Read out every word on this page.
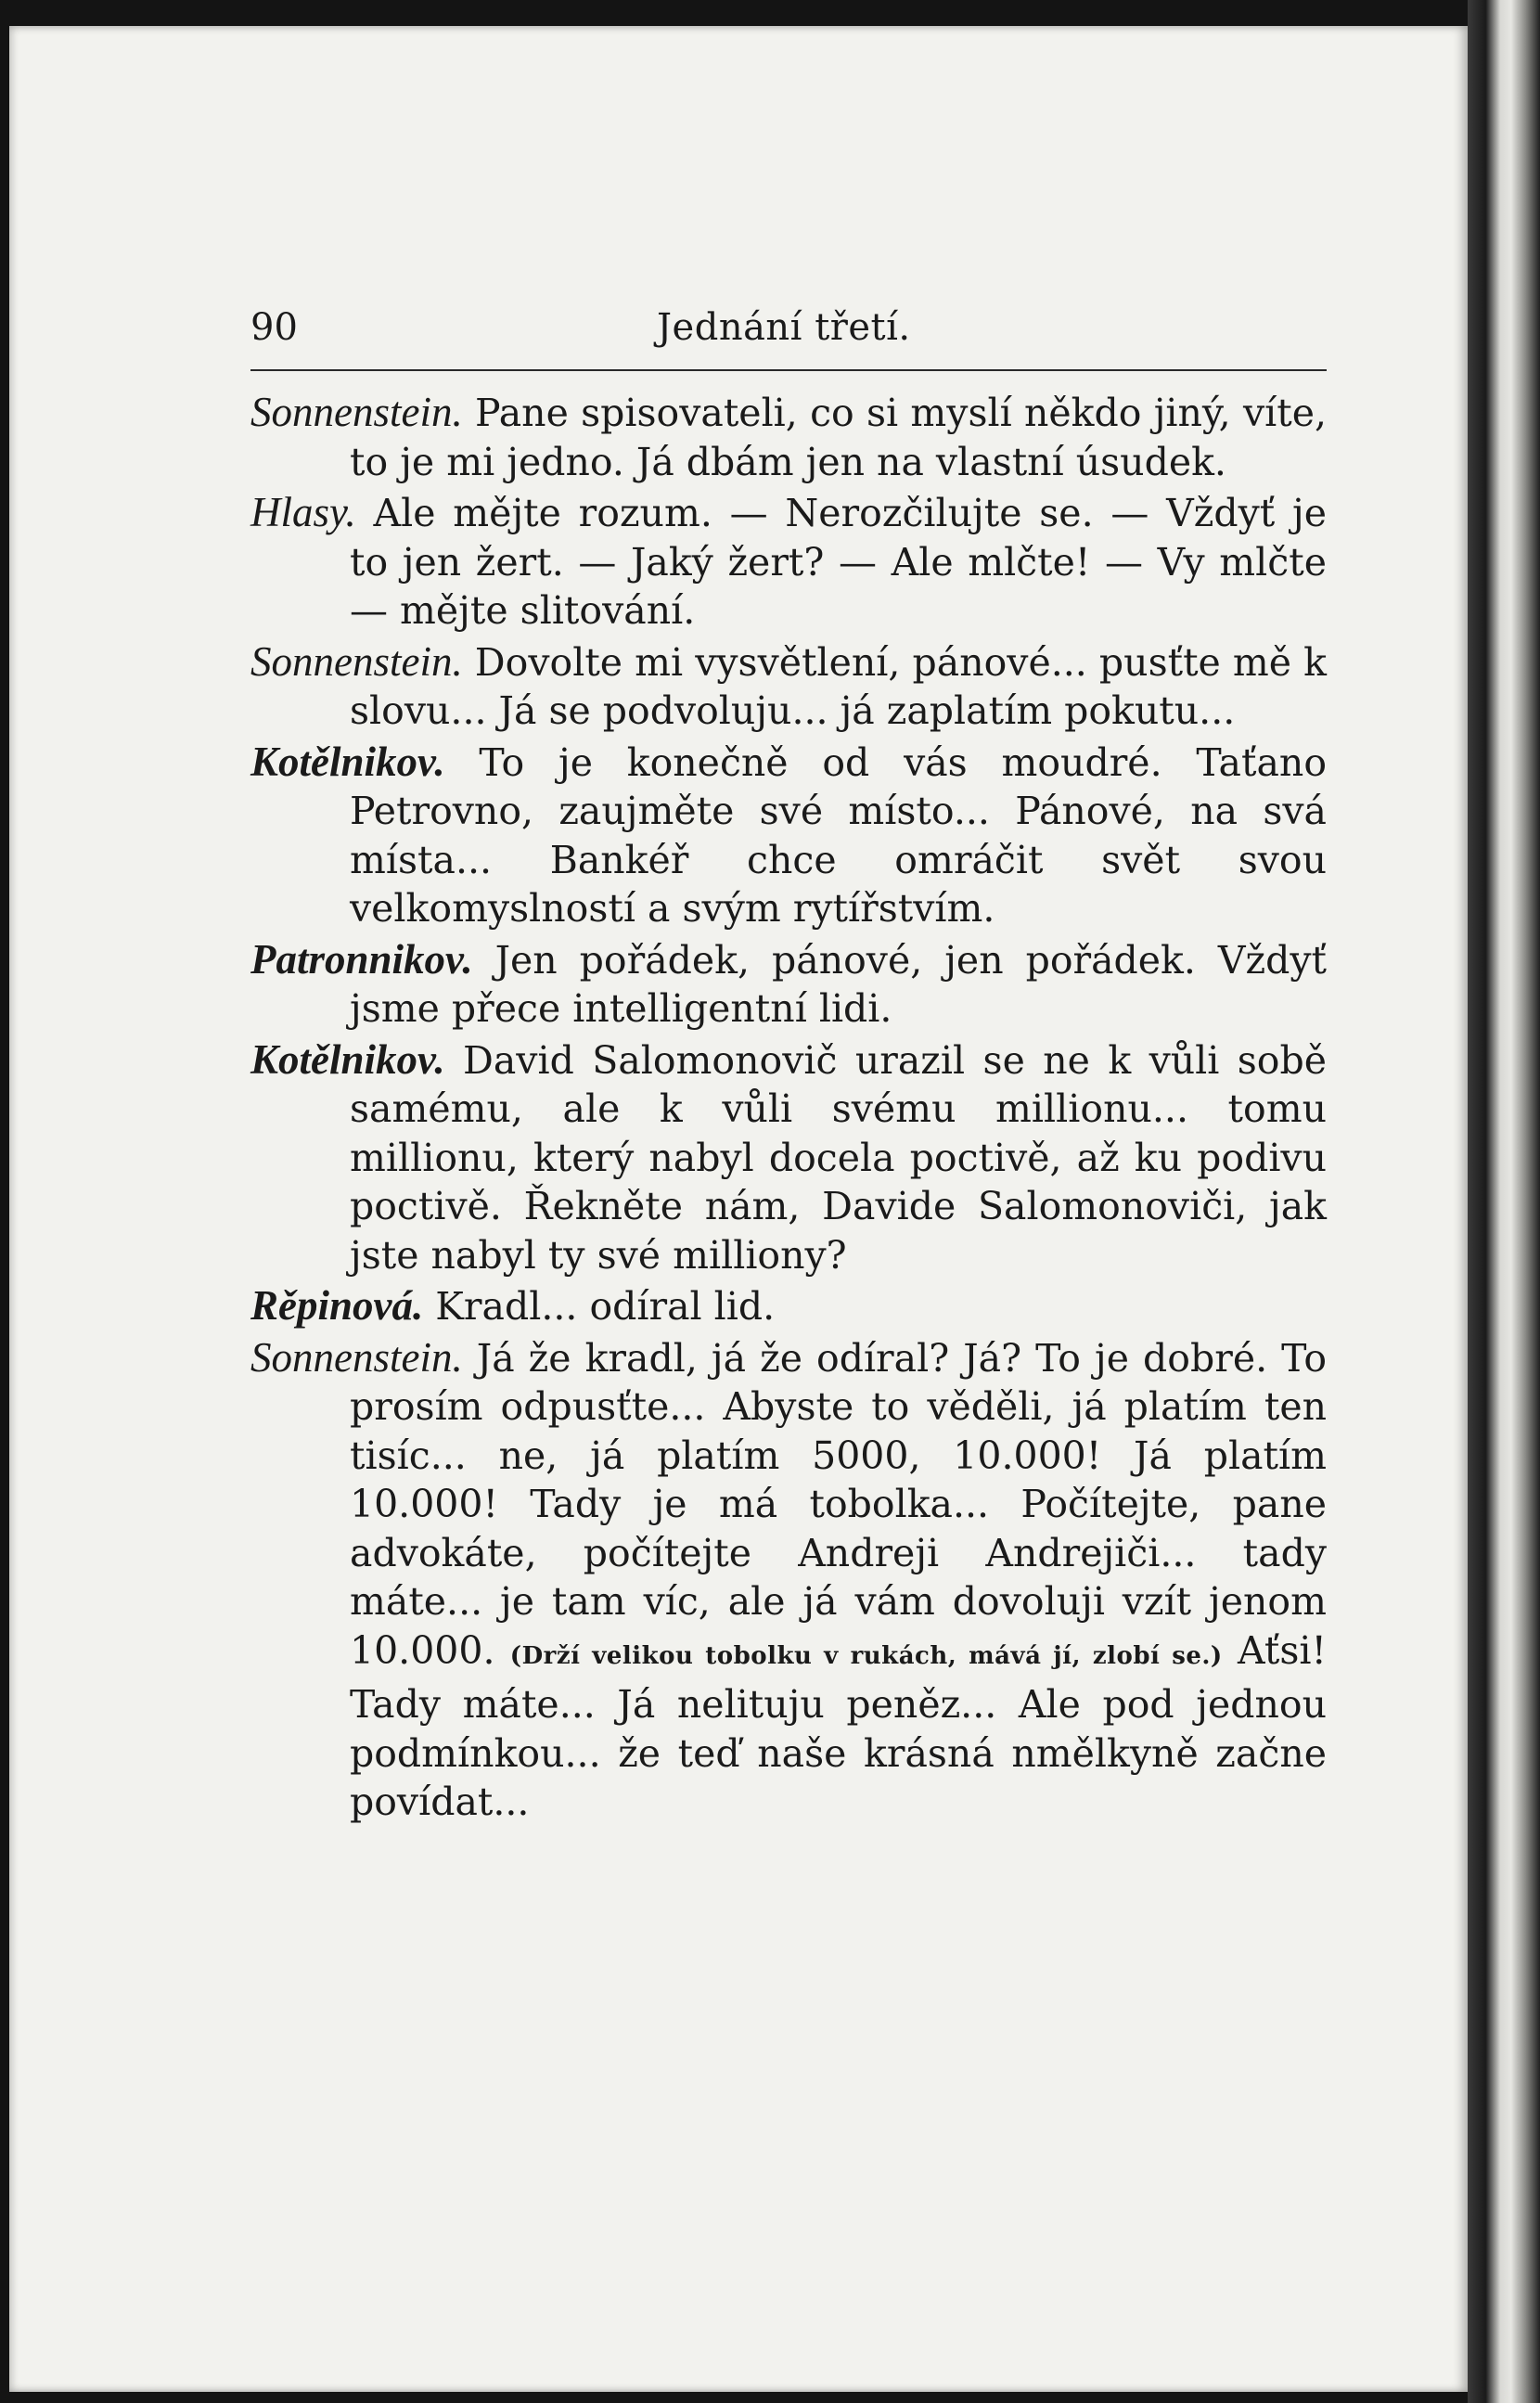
90	Jednání třetí.

Sonnenstein. Pane spisovateli, co si myslí někdo jiný, víte, to je mi jedno. Já dbám jen na vlastní úsudek.

Hlasy. Ale mějte rozum. — Nerozčilujte se. — Vždyť je to jen žert. — Jaký žert? — Ale mlčte! — Vy mlčte — mějte slitování.

Sonnenstein. Dovolte mi vysvětlení, pánové... pusťte mě k slovu... Já se podvoluju... já zaplatím pokutu...

Kotělnikov. To je konečně od vás moudré. Taťano Petrovno, zaujměte své místo... Pánové, na svá místa... Bankéř chce omráčit svět svou velkomyslností a svým rytířstvím.

Patronnikov. Jen pořádek, pánové, jen pořádek. Vždyť jsme přece intelligentní lidi.

Kotělnikov. David Salomonovič urazil se ne k vůli sobě samému, ale k vůli svému millionu... tomu millionu, který nabyl docela poctivě, až ku podivu poctivě. Řekněte nám, Davide Salomonoviči, jak jste nabyl ty své milliony?

Rěpinová. Kradl... odíral lid.

Sonnenstein. Já že kradl, já že odíral? Já? To je dobré. To prosím odpusťte... Abyste to věděli, já platím ten tisíc... ne, já platím 5000, 10.000! Já platím 10.000! Tady je má tobolka... Počítejte, pane advokáte, počítejte Andreji Andrejiči... tady máte... je tam víc, ale já vám dovoluji vzít jenom 10.000. (Drží velikou tobolku v rukách, mává jí, zlobí se.) Aťsi! Tady máte... Já nelituju peněz... Ale pod jednou podmínkou... že teď naše krásná nmělkyně začne povídat...
